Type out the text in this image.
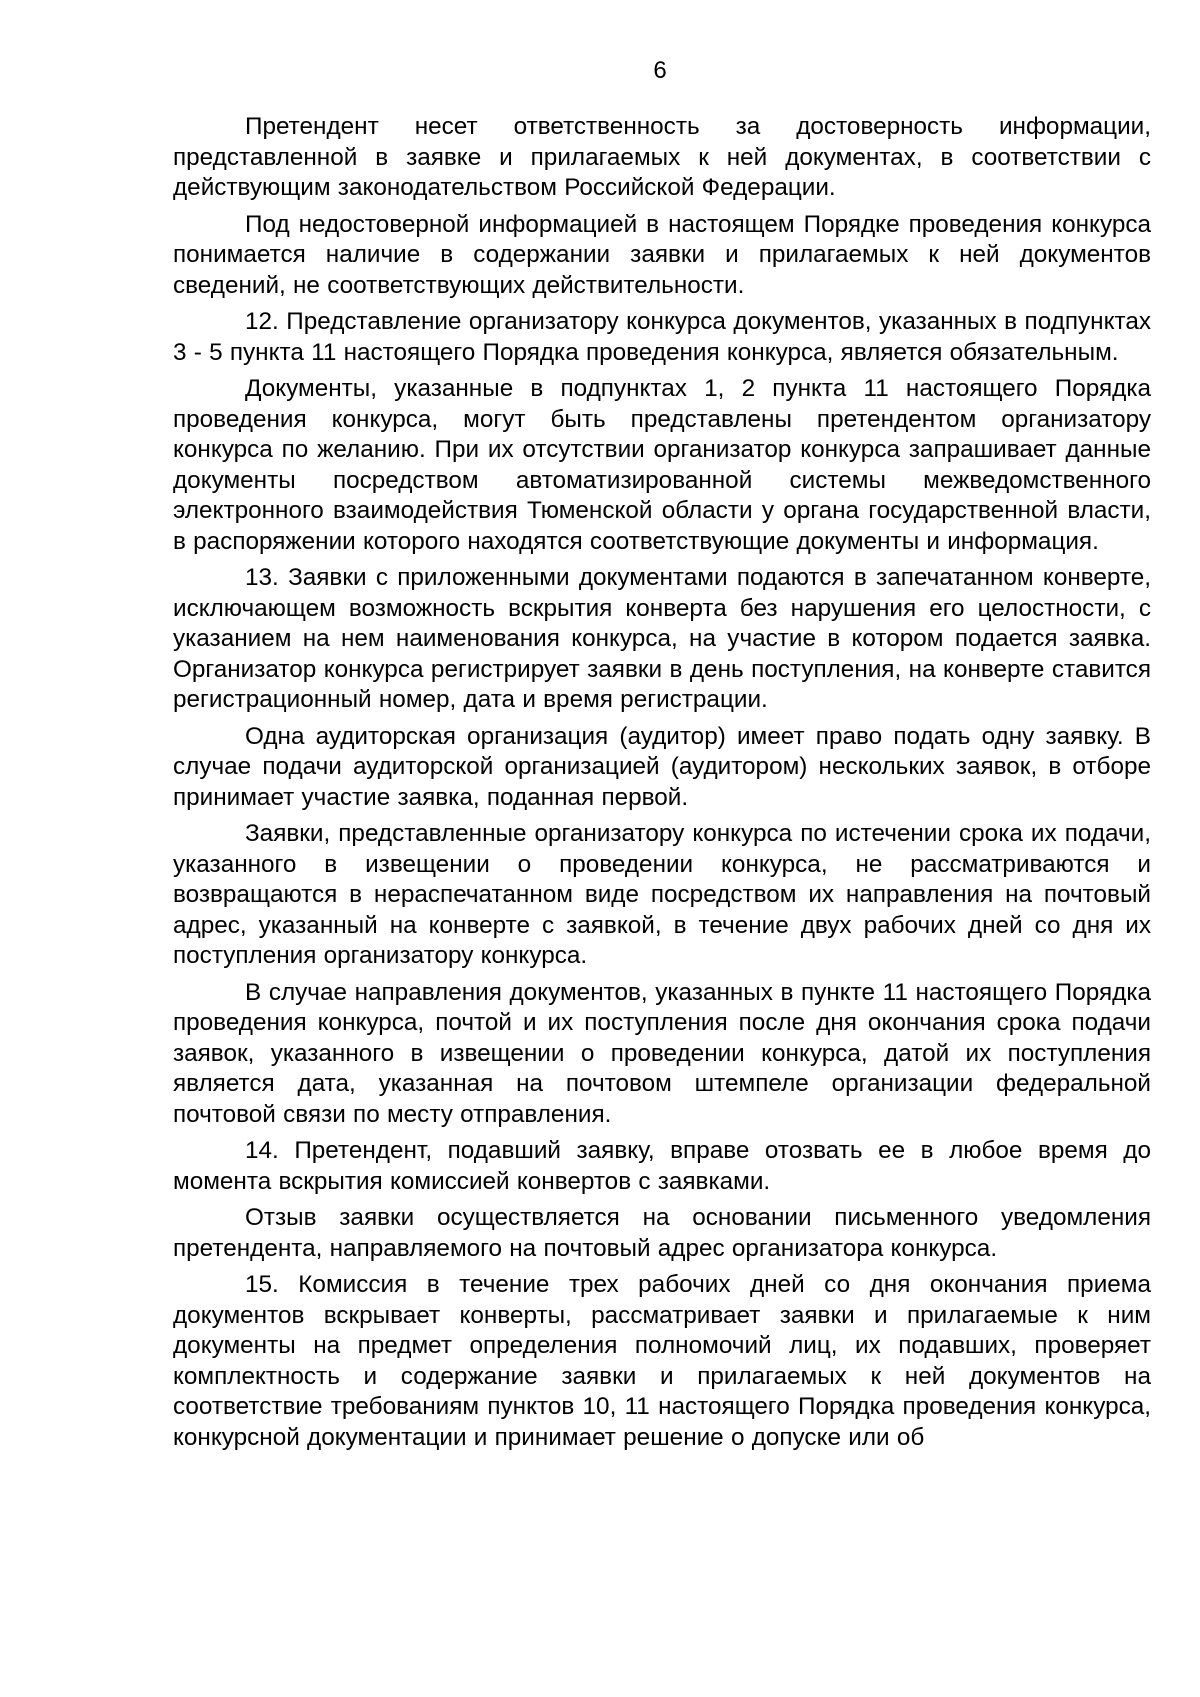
6

Претендент несет ответственность за достоверность информации, представленной в заявке и прилагаемых к ней документах, в соответствии с действующим законодательством Российской Федерации.

Под недостоверной информацией в настоящем Порядке проведения конкурса понимается наличие в содержании заявки и прилагаемых к ней документов сведений, не соответствующих действительности.

12. Представление организатору конкурса документов, указанных в подпунктах 3 - 5 пункта 11 настоящего Порядка проведения конкурса, является обязательным.

Документы, указанные в подпунктах 1, 2 пункта 11 настоящего Порядка проведения конкурса, могут быть представлены претендентом организатору конкурса по желанию. При их отсутствии организатор конкурса запрашивает данные документы посредством автоматизированной системы межведомственного электронного взаимодействия Тюменской области у органа государственной власти, в распоряжении которого находятся соответствующие документы и информация.

13. Заявки с приложенными документами подаются в запечатанном конверте, исключающем возможность вскрытия конверта без нарушения его целостности, с указанием на нем наименования конкурса, на участие в котором подается заявка. Организатор конкурса регистрирует заявки в день поступления, на конверте ставится регистрационный номер, дата и время регистрации.

Одна аудиторская организация (аудитор) имеет право подать одну заявку. В случае подачи аудиторской организацией (аудитором) нескольких заявок, в отборе принимает участие заявка, поданная первой.

Заявки, представленные организатору конкурса по истечении срока их подачи, указанного в извещении о проведении конкурса, не рассматриваются и возвращаются в нераспечатанном виде посредством их направления на почтовый адрес, указанный на конверте с заявкой, в течение двух рабочих дней со дня их поступления организатору конкурса.

В случае направления документов, указанных в пункте 11 настоящего Порядка проведения конкурса, почтой и их поступления после дня окончания срока подачи заявок, указанного в извещении о проведении конкурса, датой их поступления является дата, указанная на почтовом штемпеле организации федеральной почтовой связи по месту отправления.

14. Претендент, подавший заявку, вправе отозвать ее в любое время до момента вскрытия комиссией конвертов с заявками.

Отзыв заявки осуществляется на основании письменного уведомления претендента, направляемого на почтовый адрес организатора конкурса.

15. Комиссия в течение трех рабочих дней со дня окончания приема документов вскрывает конверты, рассматривает заявки и прилагаемые к ним документы на предмет определения полномочий лиц, их подавших, проверяет комплектность и содержание заявки и прилагаемых к ней документов на соответствие требованиям пунктов 10, 11 настоящего Порядка проведения конкурса, конкурсной документации и принимает решение о допуске или об
